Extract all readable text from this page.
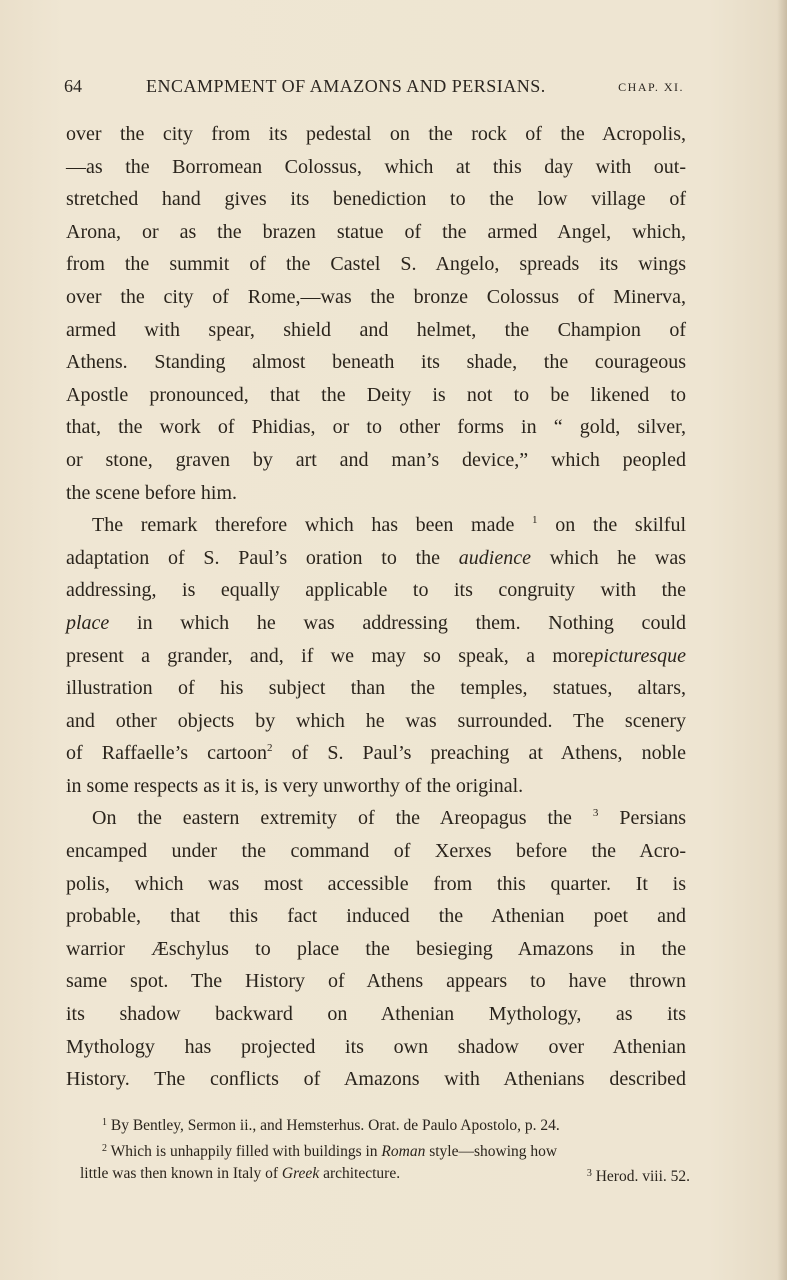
64	ENCAMPMENT OF AMAZONS AND PERSIANS.	CHAP. XI.
over the city from its pedestal on the rock of the Acropolis,
—as the Borromean Colossus, which at this day with out-
stretched hand gives its benediction to the low village of
Arona, or as the brazen statue of the armed Angel, which,
from the summit of the Castel S. Angelo, spreads its wings
over the city of Rome,—was the bronze Colossus of Minerva,
armed with spear, shield and helmet, the Champion of
Athens. Standing almost beneath its shade, the courageous
Apostle pronounced, that the Deity is not to be likened to
that, the work of Phidias, or to other forms in “ gold, silver,
or stone, graven by art and man’s device,” which peopled
the scene before him.
The remark therefore which has been made $^1$ on the skilful
adaptation of S. Paul’s oration to the audience which he was
addressing, is equally applicable to its congruity with the
place in which he was addressing them. Nothing could
present a grander, and, if we may so speak, a morepicturesque
illustration of his subject than the temples, statues, altars,
and other objects by which he was surrounded. The scenery
of Raffaelle’s cartoon$^2$ of S. Paul’s preaching at Athens, noble
in some respects as it is, is very unworthy of the original.
On the eastern extremity of the Areopagus the $^3$ Persians
encamped under the command of Xerxes before the Acro-
polis, which was most accessible from this quarter. It is
probable, that this fact induced the Athenian poet and
warrior Æschylus to place the besieging Amazons in the
same spot. The History of Athens appears to have thrown
its shadow backward on Athenian Mythology, as its
Mythology has projected its own shadow over Athenian
History. The conflicts of Amazons with Athenians described
$^1$ By Bentley, Sermon ii., and Hemsterhus. Orat. de Paulo Apostolo, p. 24.
$^2$ Which is unhappily filled with buildings in Roman style—showing how
little was then known in Italy of Greek architecture.	$^3$ Herod. viii. 52.
